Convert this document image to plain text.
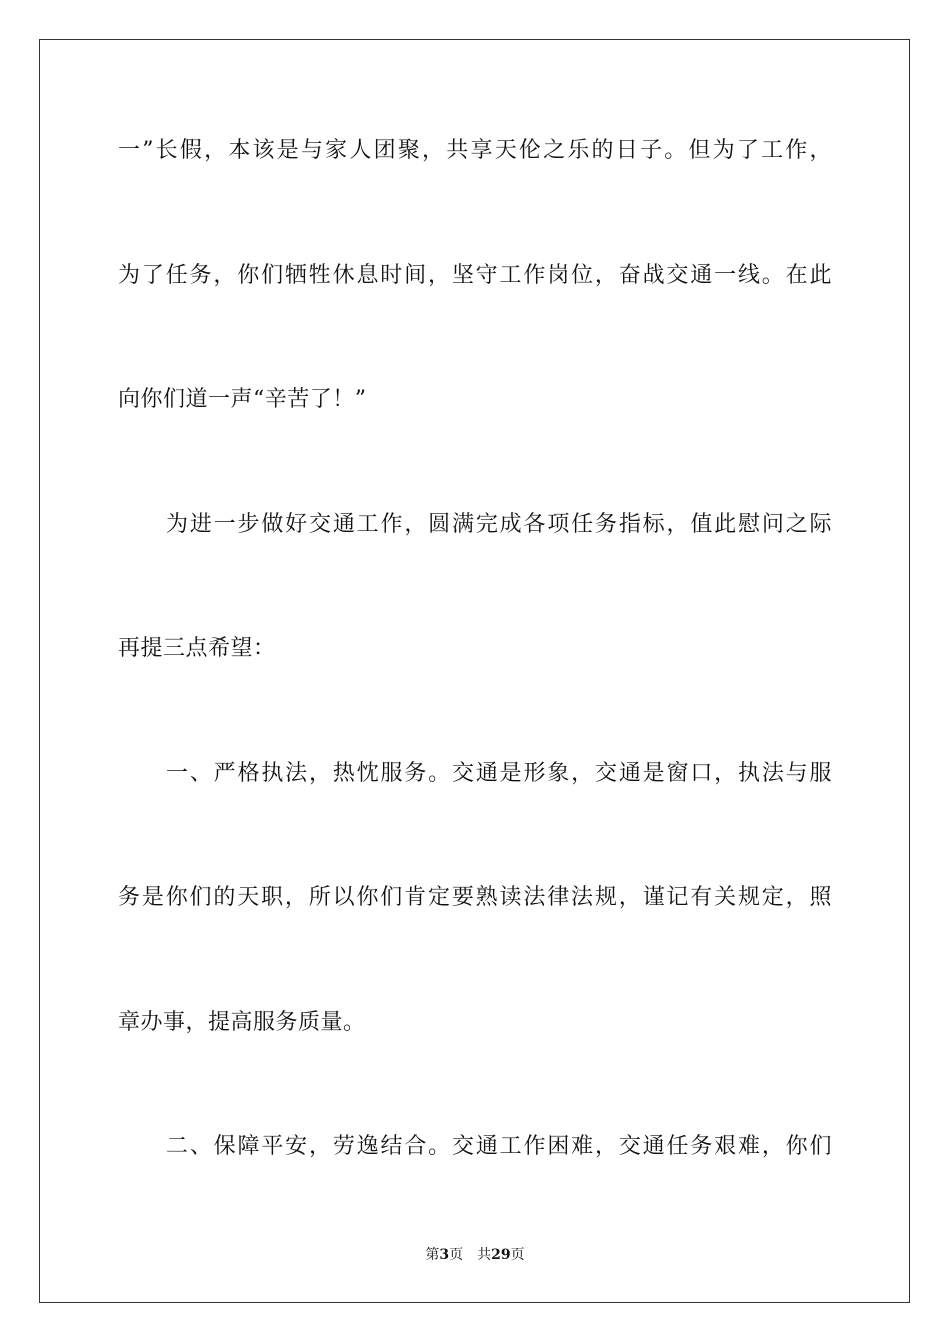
一”长假，本该是与家人团聚，共享天伦之乐的日子。但为了工作，
为了任务，你们牺牲休息时间，坚守工作岗位，奋战交通一线。在此
向你们道一声“辛苦了！”
为进一步做好交通工作，圆满完成各项任务指标，值此慰问之际
再提三点希望：
一、严格执法，热忱服务。交通是形象，交通是窗口，执法与服
务是你们的天职，所以你们肯定要熟读法律法规，谨记有关规定，照
章办事，提高服务质量。
二、保障平安，劳逸结合。交通工作困难，交通任务艰难，你们
第3页 共29页
